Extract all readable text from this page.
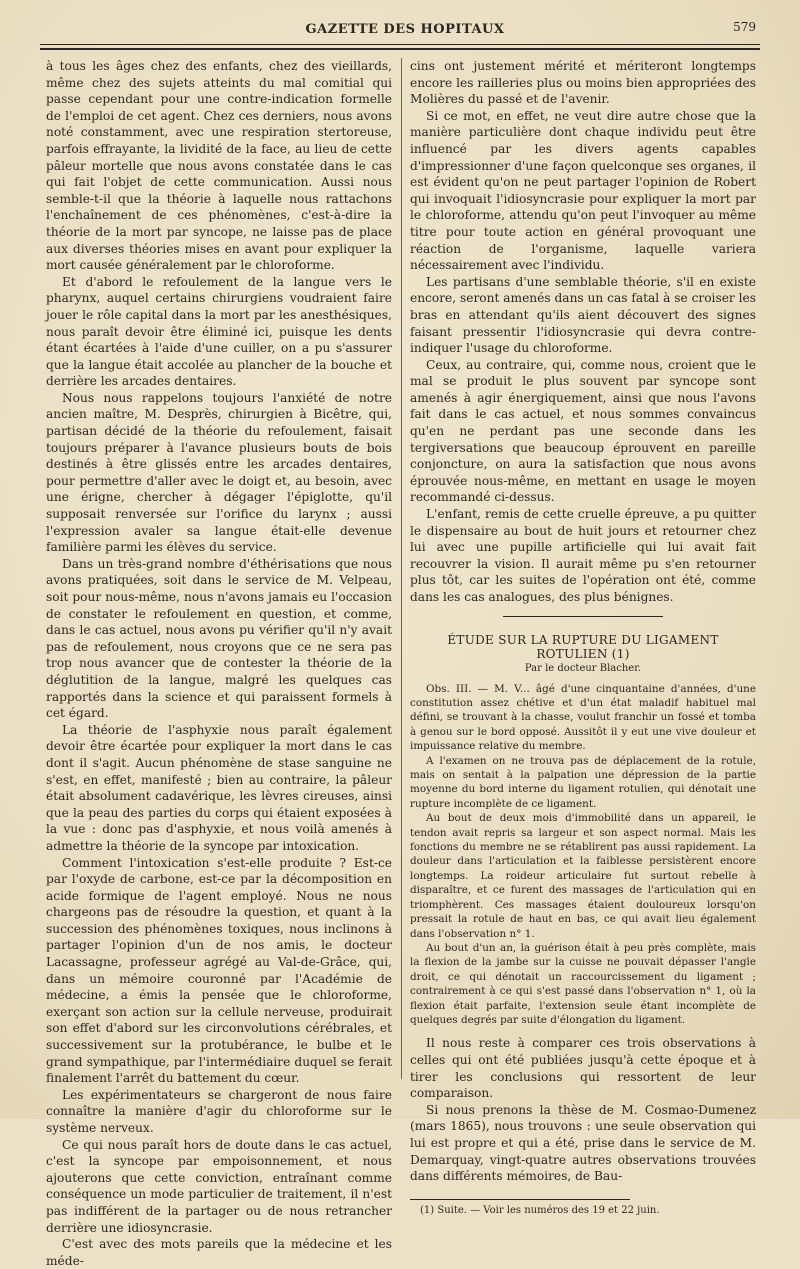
GAZETTE DES HOPITAUX	579

à tous les âges chez des enfants, chez des vieillards, même chez des sujets atteints du mal comitial qui passe cependant pour une contre-indication formelle de l'emploi de cet agent. Chez ces derniers, nous avons noté constamment, avec une respiration stertoreuse, parfois effrayante, la lividité de la face, au lieu de cette pâleur mortelle que nous avons constatée dans le cas qui fait l'objet de cette communication. Aussi nous semble-t-il que la théorie à laquelle nous rattachons l'enchaînement de ces phénomènes, c'est-à-dire la théorie de la mort par syncope, ne laisse pas de place aux diverses théories mises en avant pour expliquer la mort causée généralement par le chloroforme.

Et d'abord le refoulement de la langue vers le pharynx, auquel certains chirurgiens voudraient faire jouer le rôle capital dans la mort par les anesthésiques, nous paraît devoir être éliminé ici, puisque les dents étant écartées à l'aide d'une cuiller, on a pu s'assurer que la langue était accolée au plancher de la bouche et derrière les arcades dentaires.

Nous nous rappelons toujours l'anxiété de notre ancien maître, M. Desprès, chirurgien à Bicêtre, qui, partisan décidé de la théorie du refoulement, faisait toujours préparer à l'avance plusieurs bouts de bois destinés à être glissés entre les arcades dentaires, pour permettre d'aller avec le doigt et, au besoin, avec une érigne, chercher à dégager l'épiglotte, qu'il supposait renversée sur l'orifice du larynx ; aussi l'expression avaler sa langue était-elle devenue familière parmi les élèves du service.

Dans un très-grand nombre d'éthérisations que nous avons pratiquées, soit dans le service de M. Velpeau, soit pour nous-même, nous n'avons jamais eu l'occasion de constater le refoulement en question, et comme, dans le cas actuel, nous avons pu vérifier qu'il n'y avait pas de refoulement, nous croyons que ce ne sera pas trop nous avancer que de contester la théorie de la déglutition de la langue, malgré les quelques cas rapportés dans la science et qui paraissent formels à cet égard.

La théorie de l'asphyxie nous paraît également devoir être écartée pour expliquer la mort dans le cas dont il s'agit. Aucun phénomène de stase sanguine ne s'est, en effet, manifesté ; bien au contraire, la pâleur était absolument cadavérique, les lèvres cireuses, ainsi que la peau des parties du corps qui étaient exposées à la vue : donc pas d'asphyxie, et nous voilà amenés à admettre la théorie de la syncope par intoxication.

Comment l'intoxication s'est-elle produite ? Est-ce par l'oxyde de carbone, est-ce par la décomposition en acide formique de l'agent employé. Nous ne nous chargeons pas de résoudre la question, et quant à la succession des phénomènes toxiques, nous inclinons à partager l'opinion d'un de nos amis, le docteur Lacassagne, professeur agrégé au Val-de-Grâce, qui, dans un mémoire couronné par l'Académie de médecine, a émis la pensée que le chloroforme, exerçant son action sur la cellule nerveuse, produirait son effet d'abord sur les circonvolutions cérébrales, et successivement sur la protubérance, le bulbe et le grand sympathique, par l'intermédiaire duquel se ferait finalement l'arrêt du battement du cœur.

Les expérimentateurs se chargeront de nous faire connaître la manière d'agir du chloroforme sur le système nerveux.

Ce qui nous paraît hors de doute dans le cas actuel, c'est la syncope par empoisonnement, et nous ajouterons que cette conviction, entraînant comme conséquence un mode particulier de traitement, il n'est pas indifférent de la partager ou de nous retrancher derrière une idiosyncrasie.

C'est avec des mots pareils que la médecine et les méde-

cins ont justement mérité et mériteront longtemps encore les railleries plus ou moins bien appropriées des Molières du passé et de l'avenir.

Si ce mot, en effet, ne veut dire autre chose que la manière particulière dont chaque individu peut être influencé par les divers agents capables d'impressionner d'une façon quelconque ses organes, il est évident qu'on ne peut partager l'opinion de Robert qui invoquait l'idiosyncrasie pour expliquer la mort par le chloroforme, attendu qu'on peut l'invoquer au même titre pour toute action en général provoquant une réaction de l'organisme, laquelle variera nécessairement avec l'individu.

Les partisans d'une semblable théorie, s'il en existe encore, seront amenés dans un cas fatal à se croiser les bras en attendant qu'ils aient découvert des signes faisant pressentir l'idiosyncrasie qui devra contre-indiquer l'usage du chloroforme.

Ceux, au contraire, qui, comme nous, croient que le mal se produit le plus souvent par syncope sont amenés à agir énergiquement, ainsi que nous l'avons fait dans le cas actuel, et nous sommes convaincus qu'en ne perdant pas une seconde dans les tergiversations que beaucoup éprouvent en pareille conjoncture, on aura la satisfaction que nous avons éprouvée nous-même, en mettant en usage le moyen recommandé ci-dessus.

L'enfant, remis de cette cruelle épreuve, a pu quitter le dispensaire au bout de huit jours et retourner chez lui avec une pupille artificielle qui lui avait fait recouvrer la vision. Il aurait même pu s'en retourner plus tôt, car les suites de l'opération ont été, comme dans les cas analogues, des plus bénignes.

ÉTUDE SUR LA RUPTURE DU LIGAMENT ROTULIEN (1)
Par le docteur Blacher.

Obs. III. — M. V... âgé d'une cinquantaine d'années, d'une constitution assez chétive et d'un état maladif habituel mal défini, se trouvant à la chasse, voulut franchir un fossé et tomba à genou sur le bord opposé. Aussitôt il y eut une vive douleur et impuissance relative du membre.

A l'examen on ne trouva pas de déplacement de la rotule, mais on sentait à la palpation une dépression de la partie moyenne du bord interne du ligament rotulien, qui dénotait une rupture incomplète de ce ligament.

Au bout de deux mois d'immobilité dans un appareil, le tendon avait repris sa largeur et son aspect normal. Mais les fonctions du membre ne se rétablirent pas aussi rapidement. La douleur dans l'articulation et la faiblesse persistèrent encore longtemps. La roideur articulaire fut surtout rebelle à disparaître, et ce furent des massages de l'articulation qui en triomphèrent. Ces massages étaient douloureux lorsqu'on pressait la rotule de haut en bas, ce qui avait lieu également dans l'observation n° 1.

Au bout d'un an, la guérison était à peu près complète, mais la flexion de la jambe sur la cuisse ne pouvait dépasser l'angle droit, ce qui dénotait un raccourcissement du ligament ; contrairement à ce qui s'est passé dans l'observation n° 1, où la flexion était parfaite, l'extension seule étant incomplète de quelques degrés par suite d'élongation du ligament.

Il nous reste à comparer ces trois observations à celles qui ont été publiées jusqu'à cette époque et à tirer les conclusions qui ressortent de leur comparaison.

Si nous prenons la thèse de M. Cosmao-Dumenez (mars 1865), nous trouvons : une seule observation qui lui est propre et qui a été, prise dans le service de M. Demarquay, vingt-quatre autres observations trouvées dans différents mémoires, de Bau-

(1) Suite. — Voir les numéros des 19 et 22 juin.
